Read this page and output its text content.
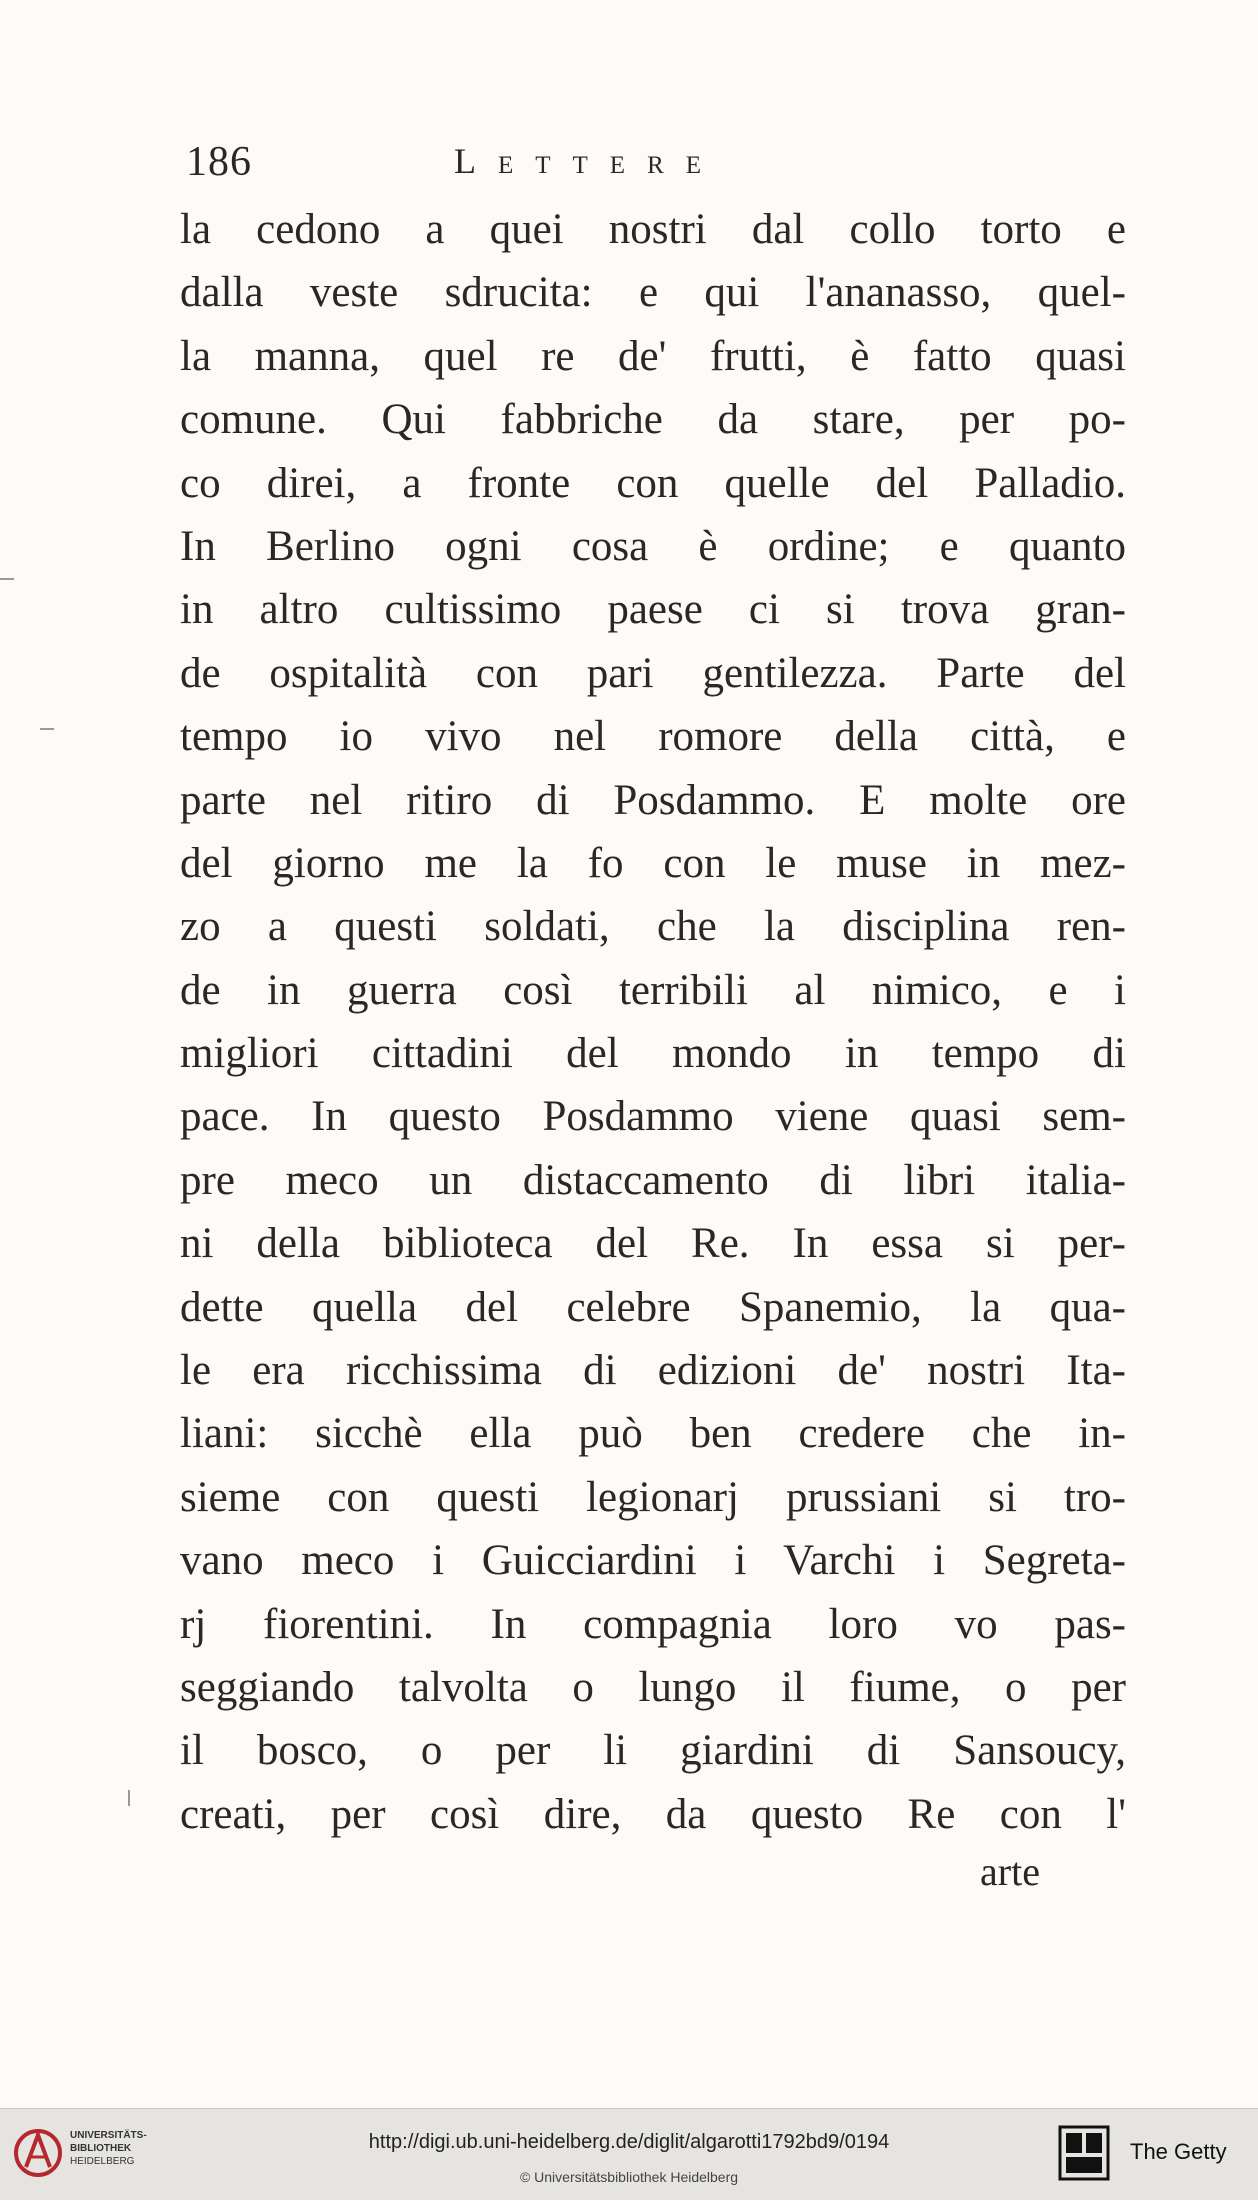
186	Lettere
la cedono a quei nostri dal collo torto e
dalla veste sdrucita: e qui l'ananasso, quel-
la manna, quel re de' frutti, è fatto quasi
comune. Qui fabbriche da stare, per po-
co direi, a fronte con quelle del Palladio.
In Berlino ogni cosa è ordine; e quanto
in altro cultissimo paese ci si trova gran-
de ospitalità con pari gentilezza. Parte del
tempo io vivo nel romore della città, e
parte nel ritiro di Posdammo. E molte ore
del giorno me la fo con le muse in mez-
zo a questi soldati, che la disciplina ren-
de in guerra così terribili al nimico, e i
migliori cittadini del mondo in tempo di
pace. In questo Posdammo viene quasi sem-
pre meco un distaccamento di libri italia-
ni della biblioteca del Re. In essa si per-
dette quella del celebre Spanemio, la qua-
le era ricchissima di edizioni de' nostri Ita-
liani: sicchè ella può ben credere che in-
sieme con questi legionarj prussiani si tro-
vano meco i Guicciardini i Varchi i Segreta-
rj fiorentini. In compagnia loro vo pas-
seggiando talvolta o lungo il fiume, o per
il bosco, o per li giardini di Sansoucy,
creati, per così dire, da questo Re con l'
arte
UNIVERSITÄTS-
BIBLIOTHEK
HEIDELBERG
http://digi.ub.uni-heidelberg.de/diglit/algarotti1792bd9/0194
© Universitätsbibliothek Heidelberg
The Getty
